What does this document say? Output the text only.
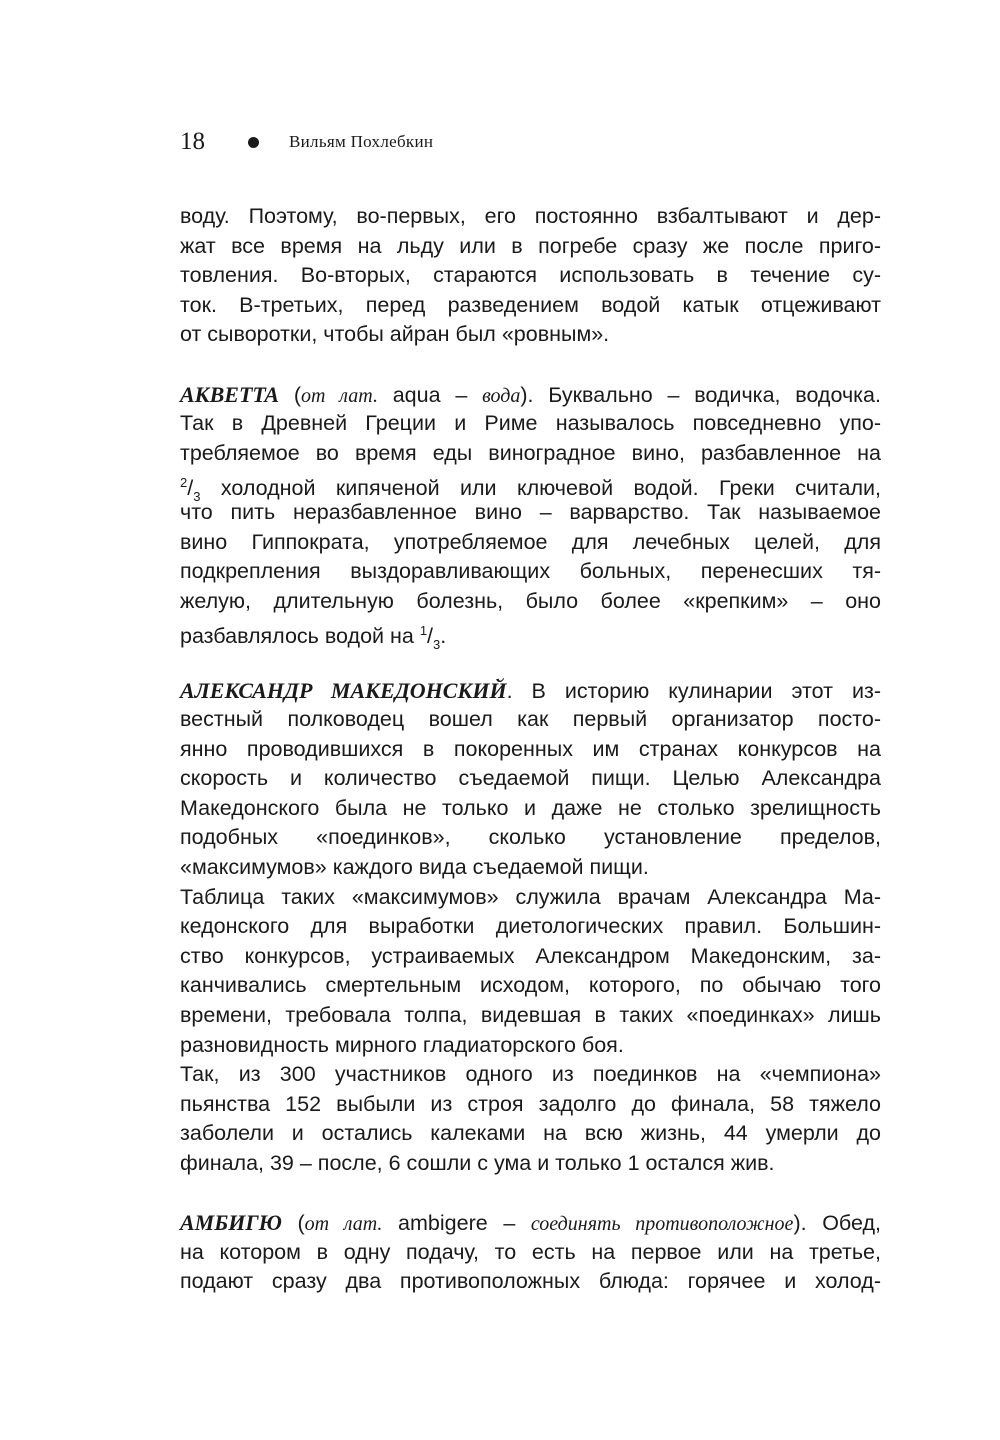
18	Вильям Похлебкин
воду. Поэтому, во-первых, его постоянно взбалтывают и дер-
жат все время на льду или в погребе сразу же после приго-
товления. Во-вторых, стараются использовать в течение су-
ток. В-третьих, перед разведением водой катык отцеживают
от сыворотки, чтобы айран был «ровным».
АКВЕТТА (от лат. aqua – вода). Буквально – водичка, водочка.
Так в Древней Греции и Риме называлось повседневно упо-
требляемое во время еды виноградное вино, разбавленное на
$^2/_3$ холодной кипяченой или ключевой водой. Греки считали,
что пить неразбавленное вино – варварство. Так называемое
вино Гиппократа, употребляемое для лечебных целей, для
подкрепления выздоравливающих больных, перенесших тя-
желую, длительную болезнь, было более «крепким» – оно
разбавлялось водой на $^1/_3$.
АЛЕКСАНДР МАКЕДОНСКИЙ. В историю кулинарии этот из-
вестный полководец вошел как первый организатор посто-
янно проводившихся в покоренных им странах конкурсов на
скорость и количество съедаемой пищи. Целью Александра
Македонского была не только и даже не столько зрелищность
подобных «поединков», сколько установление пределов,
«максимумов» каждого вида съедаемой пищи.
Таблица таких «максимумов» служила врачам Александра Ма-
кедонского для выработки диетологических правил. Большин-
ство конкурсов, устраиваемых Александром Македонским, за-
канчивались смертельным исходом, которого, по обычаю того
времени, требовала толпа, видевшая в таких «поединках» лишь
разновидность мирного гладиаторского боя.
Так, из 300 участников одного из поединков на «чемпиона»
пьянства 152 выбыли из строя задолго до финала, 58 тяжело
заболели и остались калеками на всю жизнь, 44 умерли до
финала, 39 – после, 6 сошли с ума и только 1 остался жив.
АМБИГЮ (от лат. ambigere – соединять противоположное). Обед,
на котором в одну подачу, то есть на первое или на третье,
подают сразу два противоположных блюда: горячее и холод-
